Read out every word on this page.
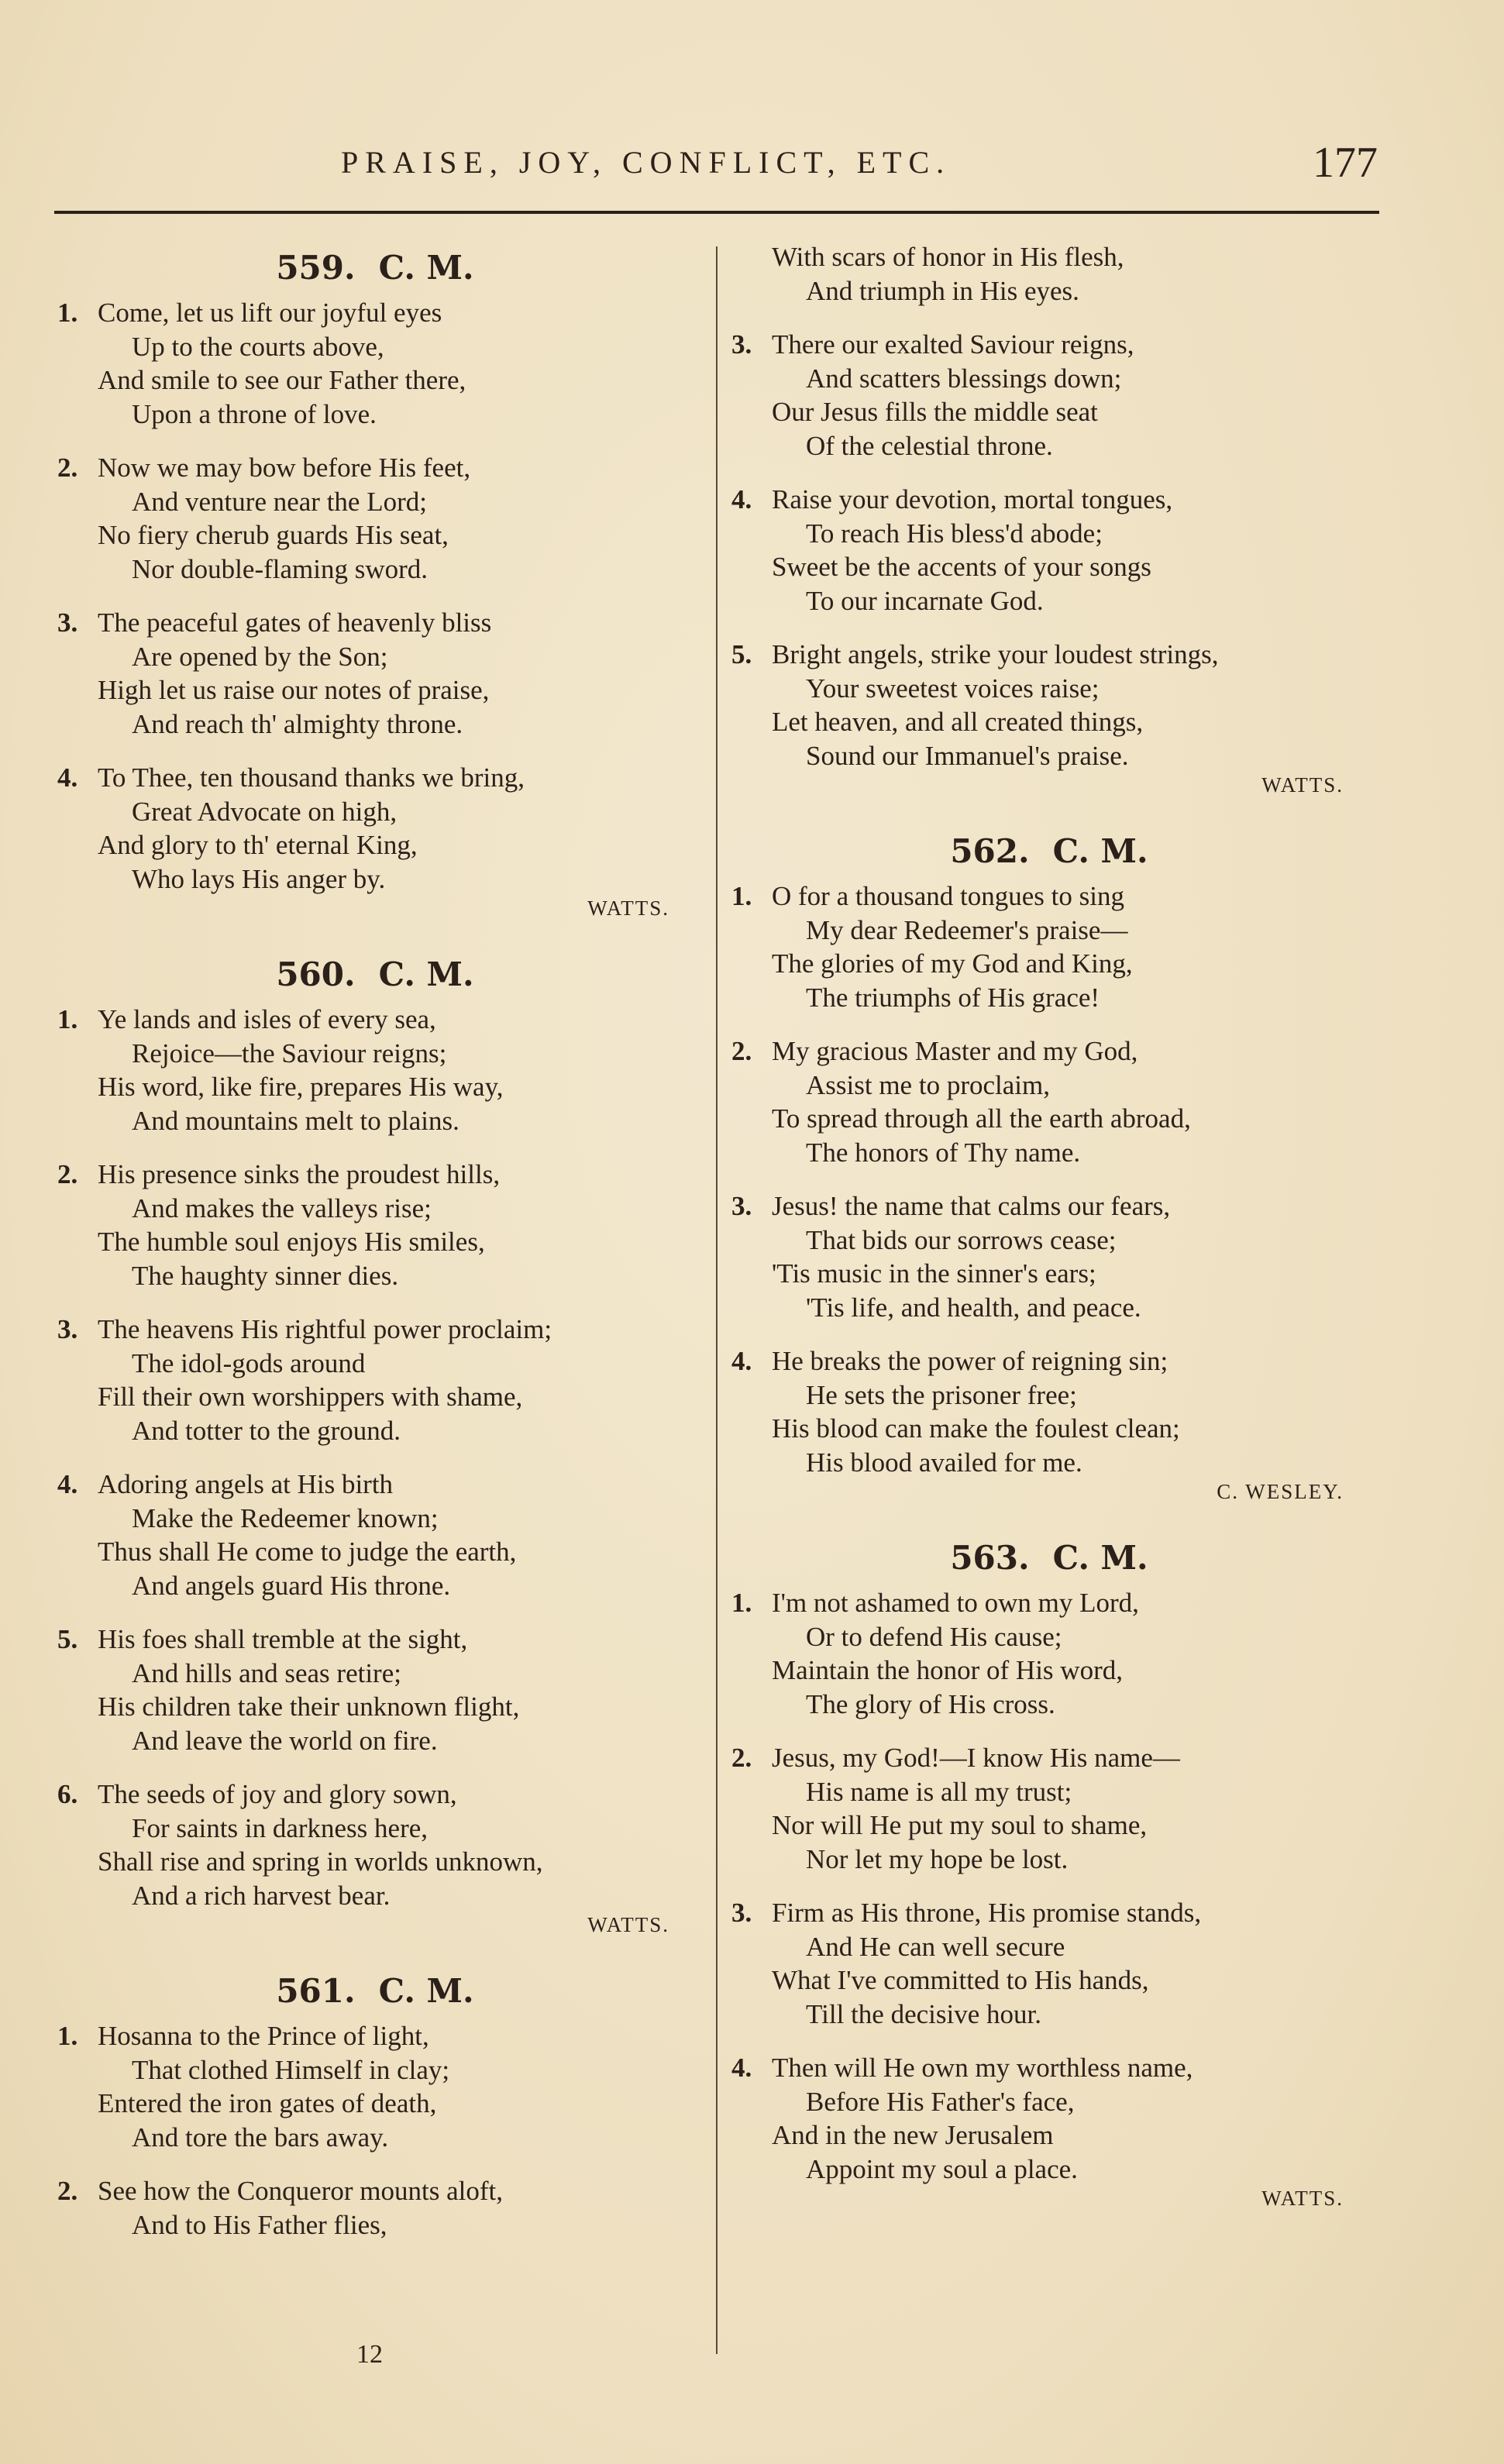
PRAISE, JOY, CONFLICT, ETC.	177
559. C. M.
1. Come, let us lift our joyful eyes
Up to the courts above,
And smile to see our Father there,
Upon a throne of love.
2. Now we may bow before His feet,
And venture near the Lord;
No fiery cherub guards His seat,
Nor double-flaming sword.
3. The peaceful gates of heavenly bliss
Are opened by the Son;
High let us raise our notes of praise,
And reach th' almighty throne.
4. To Thee, ten thousand thanks we bring,
Great Advocate on high,
And glory to th' eternal King,
Who lays His anger by.
WATTS.
560. C. M.
1. Ye lands and isles of every sea,
Rejoice—the Saviour reigns;
His word, like fire, prepares His way,
And mountains melt to plains.
2. His presence sinks the proudest hills,
And makes the valleys rise;
The humble soul enjoys His smiles,
The haughty sinner dies.
3. The heavens His rightful power proclaim;
The idol-gods around
Fill their own worshippers with shame,
And totter to the ground.
4. Adoring angels at His birth
Make the Redeemer known;
Thus shall He come to judge the earth,
And angels guard His throne.
5. His foes shall tremble at the sight,
And hills and seas retire;
His children take their unknown flight,
And leave the world on fire.
6. The seeds of joy and glory sown,
For saints in darkness here,
Shall rise and spring in worlds unknown,
And a rich harvest bear.
WATTS.
561. C. M.
1. Hosanna to the Prince of light,
That clothed Himself in clay;
Entered the iron gates of death,
And tore the bars away.
2. See how the Conqueror mounts aloft,
And to His Father flies,
With scars of honor in His flesh,
And triumph in His eyes.
3. There our exalted Saviour reigns,
And scatters blessings down;
Our Jesus fills the middle seat
Of the celestial throne.
4. Raise your devotion, mortal tongues,
To reach His bless'd abode;
Sweet be the accents of your songs
To our incarnate God.
5. Bright angels, strike your loudest strings,
Your sweetest voices raise;
Let heaven, and all created things,
Sound our Immanuel's praise.
WATTS.
562. C. M.
1. O for a thousand tongues to sing
My dear Redeemer's praise—
The glories of my God and King,
The triumphs of His grace!
2. My gracious Master and my God,
Assist me to proclaim,
To spread through all the earth abroad,
The honors of Thy name.
3. Jesus! the name that calms our fears,
That bids our sorrows cease;
'Tis music in the sinner's ears;
'Tis life, and health, and peace.
4. He breaks the power of reigning sin;
He sets the prisoner free;
His blood can make the foulest clean;
His blood availed for me.
C. WESLEY.
563. C. M.
1. I'm not ashamed to own my Lord,
Or to defend His cause;
Maintain the honor of His word,
The glory of His cross.
2. Jesus, my God!—I know His name—
His name is all my trust;
Nor will He put my soul to shame,
Nor let my hope be lost.
3. Firm as His throne, His promise stands,
And He can well secure
What I've committed to His hands,
Till the decisive hour.
4. Then will He own my worthless name,
Before His Father's face,
And in the new Jerusalem
Appoint my soul a place.
WATTS.
12
